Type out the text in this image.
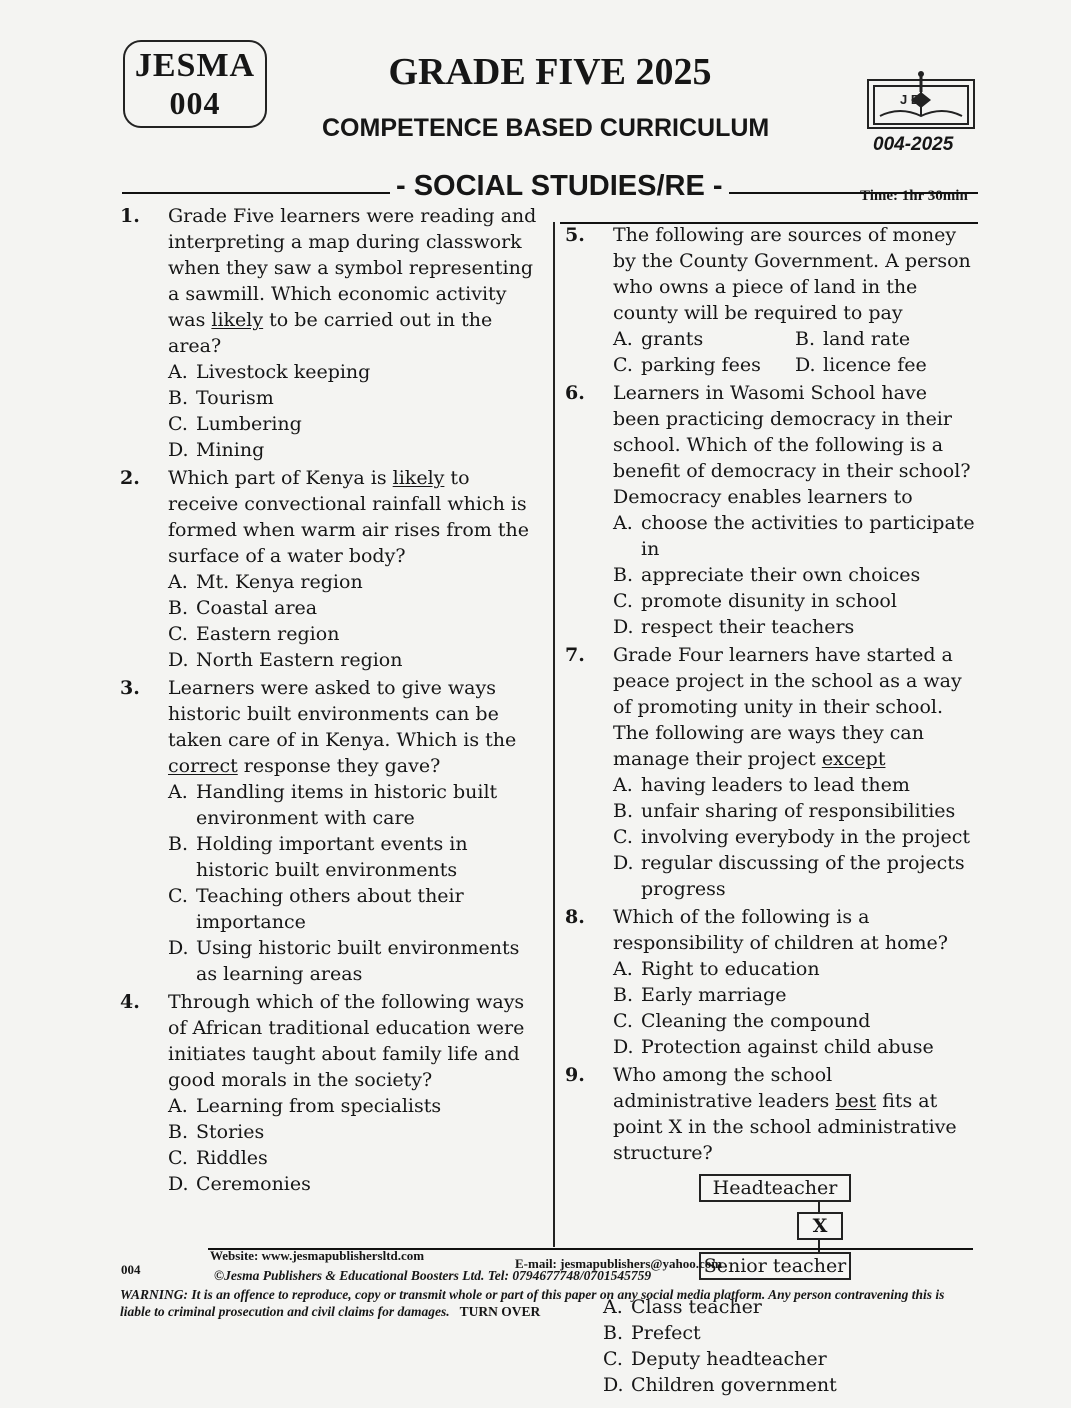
JESMA
004
GRADE FIVE 2025
COMPETENCE BASED CURRICULUM
J B
004-2025
- SOCIAL STUDIES/RE -	Time: 1hr 30min
1. Grade Five learners were reading and interpreting a map during classwork when they saw a symbol representing a sawmill. Which economic activity was likely to be carried out in the area?

A. Livestock keeping
B. Tourism
C. Lumbering
D. Mining
2. Which part of Kenya is likely to receive convectional rainfall which is formed when warm air rises from the surface of a water body?

A. Mt. Kenya region
B. Coastal area
C. Eastern region
D. North Eastern region
3. Learners were asked to give ways historic built environments can be taken care of in Kenya. Which is the correct response they gave?

A. Handling items in historic built environment with care
B. Holding important events in historic built environments
C. Teaching others about their importance
D. Using historic built environments as learning areas
4. Through which of the following ways of African traditional education were initiates taught about family life and good morals in the society?

A. Learning from specialists
B. Stories
C. Riddles
D. Ceremonies
5. The following are sources of money by the County Government. A person who owns a piece of land in the county will be required to pay

A. grants	B. land rate
C. parking fees	D. licence fee
6. Learners in Wasomi School have been practicing democracy in their school. Which of the following is a benefit of democracy in their school? Democracy enables learners to

A. choose the activities to participate in
B. appreciate their own choices
C. promote disunity in school
D. respect their teachers
7. Grade Four learners have started a peace project in the school as a way of promoting unity in their school. The following are ways they can manage their project except

A. having leaders to lead them
B. unfair sharing of responsibilities
C. involving everybody in the project
D. regular discussing of the projects progress
8. Which of the following is a responsibility of children at home?

A. Right to education
B. Early marriage
C. Cleaning the compound
D. Protection against child abuse
9. Who among the school administrative leaders best fits at point X in the school administrative structure?

Headteacher
X
Senior teacher
A. Class teacher
B. Prefect
C. Deputy headteacher
D. Children government
004
Website: www.jesmapublishersltd.com
E-mail: jesmapublishers@yahoo.com
©Jesma Publishers & Educational Boosters Ltd. Tel: 0794677748/0701545759
WARNING: It is an offence to reproduce, copy or transmit whole or part of this paper on any social media platform. Any person contravening this is liable to criminal prosecution and civil claims for damages. TURN OVER
